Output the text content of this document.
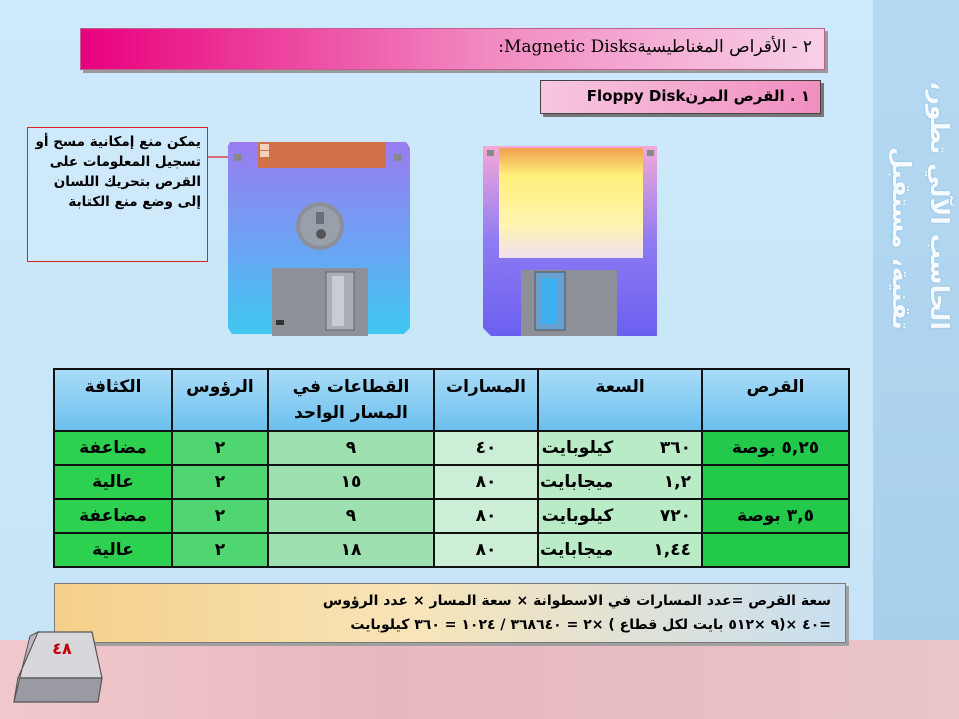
الحاسب الآلي تطور، تقنية، مستقبل
٢ - الأقراص المغناطيسيةMagnetic Disks:
١ . القرص المرنFloppy Disk
يمكن منع إمكانية مسح أو تسجيل المعلومات على القرص بتحريك اللسان إلى وضع منع الكتابة
القرص	السعة	المسارات	القطاعات في المسار الواحد	الرؤوس	الكثافة
٥,٢٥ بوصة	٣٦٠   كيلوبايت	٤٠	٩	٢	مضاعفة
	١,٢   ميجابايت	٨٠	١٥	٢	عالية
٣,٥ بوصة	٧٢٠   كيلوبايت	٨٠	٩	٢	مضاعفة
	١,٤٤   ميجابايت	٨٠	١٨	٢	عالية
سعة القرص =عدد المسارات في الاسطوانة × سعة المسار × عدد الرؤوس
=٤٠ ×(٩ ×٥١٢ بايت لكل قطاع ) ×٢ = ٣٦٨٦٤٠ / ١٠٢٤ = ٣٦٠ كيلوبايت
٤٨
